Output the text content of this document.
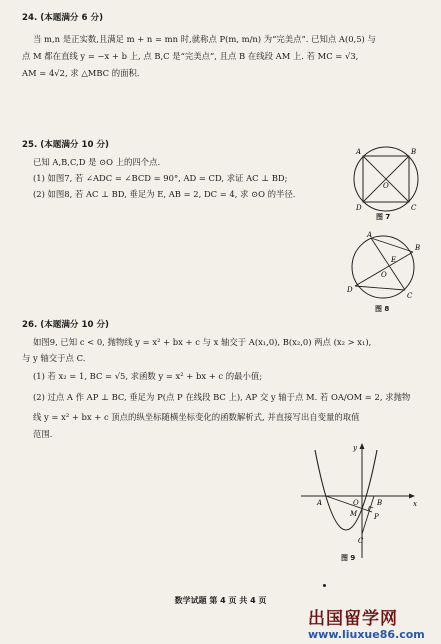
24. (本题满分 6 分)
当 m,n 是正实数,且满足 m + n = mn 时,就称点 P(m, m/n) 为“完美点”. 已知点 A(0,5) 与
点 M 都在直线 y = −x + b 上, 点 B,C 是“完美点”, 且点 B 在线段 AM 上. 若 MC = √3,
AM = 4√2, 求 △MBC 的面积.
25. (本题满分 10 分)
已知 A,B,C,D 是 ⊙O 上的四个点.
(1) 如图7, 若 ∠ADC = ∠BCD = 90°, AD = CD, 求证 AC ⊥ BD;
(2) 如图8, 若 AC ⊥ BD, 垂足为 E, AB = 2, DC = 4, 求 ⊙O 的半径.
A	B
C
D
O
图 7
A
B
C
D
E
O
图 8
26. (本题满分 10 分)
如图9, 已知 c < 0, 抛物线 y = x² + bx + c 与 x 轴交于 A(x₁,0), B(x₂,0) 两点 (x₂ > x₁),
与 y 轴交于点 C.
(1) 若 x₂ = 1, BC = √5, 求函数 y = x² + bx + c 的最小值;
(2) 过点 A 作 AP ⊥ BC, 垂足为 P(点 P 在线段 BC 上), AP 交 y 轴于点 M. 若 OA/OM = 2, 求抛物
线 y = x² + bx + c 顶点的纵坐标随横坐标变化的函数解析式, 并直接写出自变量的取值
范围.
y
x
A	O	B
M P
C
图 9
数学试题 第 4 页 共 4 页
出国留学网
www.liuxue86.com
